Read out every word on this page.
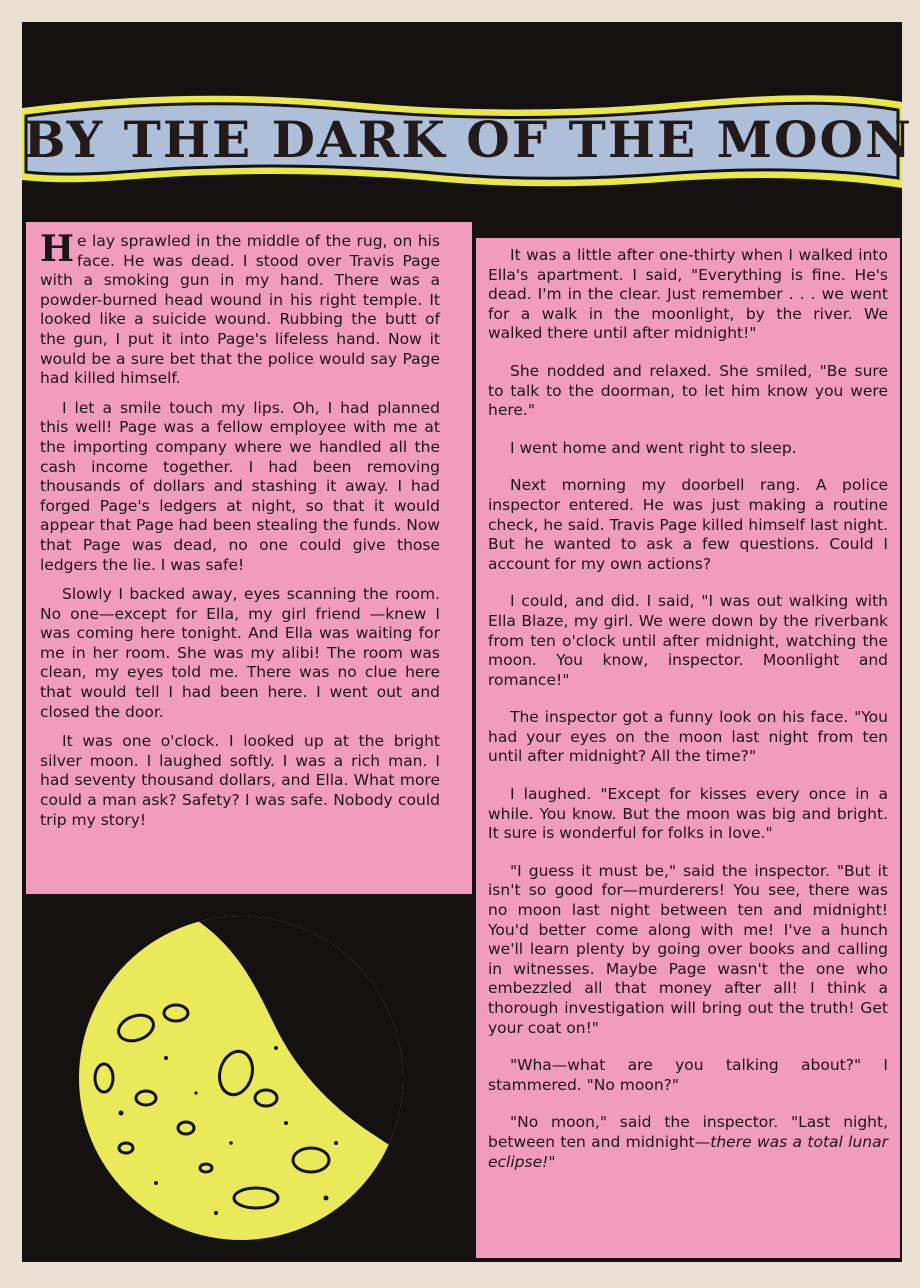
BY THE DARK OF THE MOON

He lay sprawled in the middle of the rug, on his face. He was dead. I stood over Travis Page with a smoking gun in my hand. There was a powder-burned head wound in his right temple. It looked like a suicide wound. Rubbing the butt of the gun, I put it into Page's lifeless hand. Now it would be a sure bet that the police would say Page had killed himself.

I let a smile touch my lips. Oh, I had planned this well! Page was a fellow employee with me at the importing company where we handled all the cash income together. I had been removing thousands of dollars and stashing it away. I had forged Page's ledgers at night, so that it would appear that Page had been stealing the funds. Now that Page was dead, no one could give those ledgers the lie. I was safe!

Slowly I backed away, eyes scanning the room. No one—except for Ella, my girl friend —knew I was coming here tonight. And Ella was waiting for me in her room. She was my alibi! The room was clean, my eyes told me. There was no clue here that would tell I had been here. I went out and closed the door.

It was one o'clock. I looked up at the bright silver moon. I laughed softly. I was a rich man. I had seventy thousand dollars, and Ella. What more could a man ask? Safety? I was safe. Nobody could trip my story!

It was a little after one-thirty when I walked into Ella's apartment. I said, "Everything is fine. He's dead. I'm in the clear. Just remember . . . we went for a walk in the moonlight, by the river. We walked there until after midnight!"

She nodded and relaxed. She smiled, "Be sure to talk to the doorman, to let him know you were here."

I went home and went right to sleep.

Next morning my doorbell rang. A police inspector entered. He was just making a routine check, he said. Travis Page killed himself last night. But he wanted to ask a few questions. Could I account for my own actions?

I could, and did. I said, "I was out walking with Ella Blaze, my girl. We were down by the riverbank from ten o'clock until after midnight, watching the moon. You know, inspector. Moonlight and romance!"

The inspector got a funny look on his face. "You had your eyes on the moon last night from ten until after midnight? All the time?"

I laughed. "Except for kisses every once in a while. You know. But the moon was big and bright. It sure is wonderful for folks in love."

"I guess it must be," said the inspector. "But it isn't so good for—murderers! You see, there was no moon last night between ten and midnight! You'd better come along with me! I've a hunch we'll learn plenty by going over books and calling in witnesses. Maybe Page wasn't the one who embezzled all that money after all! I think a thorough investigation will bring out the truth! Get your coat on!"

"Wha—what are you talking about?" I stammered. "No moon?"

"No moon," said the inspector. "Last night, between ten and midnight—there was a total lunar eclipse!"
